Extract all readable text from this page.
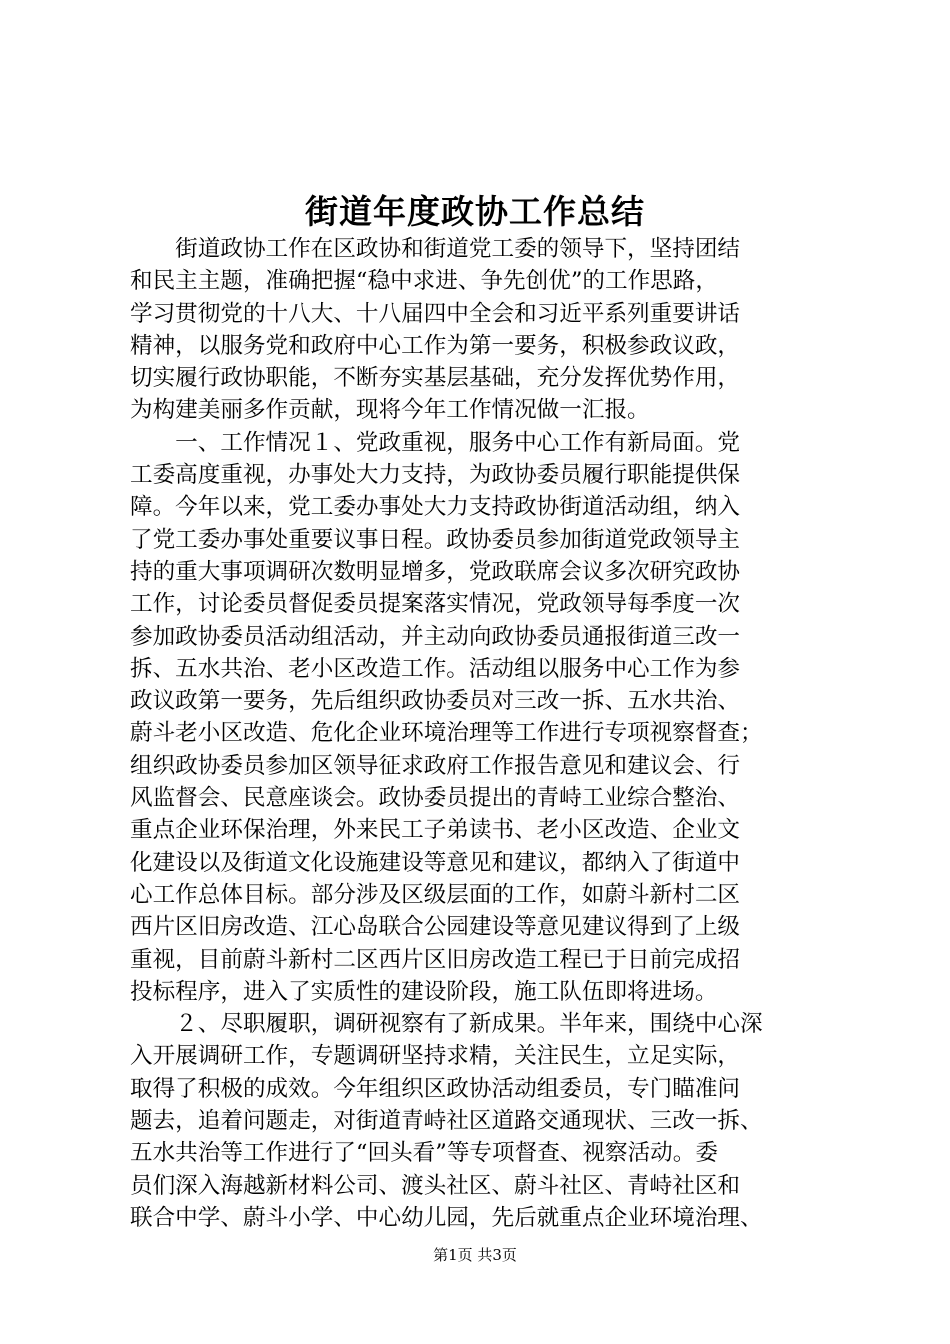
街道年度政协工作总结
　　街道政协工作在区政协和街道党工委的领导下，坚持团结
和民主主题，准确把握“稳中求进、争先创优”的工作思路，
学习贯彻党的十八大、十八届四中全会和习近平系列重要讲话
精神，以服务党和政府中心工作为第一要务，积极参政议政，
切实履行政协职能，不断夯实基层基础，充分发挥优势作用，
为构建美丽多作贡献，现将今年工作情况做一汇报。
　　一、工作情况１、党政重视，服务中心工作有新局面。党
工委高度重视，办事处大力支持，为政协委员履行职能提供保
障。今年以来，党工委办事处大力支持政协街道活动组，纳入
了党工委办事处重要议事日程。政协委员参加街道党政领导主
持的重大事项调研次数明显增多，党政联席会议多次研究政协
工作，讨论委员督促委员提案落实情况，党政领导每季度一次
参加政协委员活动组活动，并主动向政协委员通报街道三改一
拆、五水共治、老小区改造工作。活动组以服务中心工作为参
政议政第一要务，先后组织政协委员对三改一拆、五水共治、
蔚斗老小区改造、危化企业环境治理等工作进行专项视察督查；
组织政协委员参加区领导征求政府工作报告意见和建议会、行
风监督会、民意座谈会。政协委员提出的青峙工业综合整治、
重点企业环保治理，外来民工子弟读书、老小区改造、企业文
化建设以及街道文化设施建设等意见和建议，都纳入了街道中
心工作总体目标。部分涉及区级层面的工作，如蔚斗新村二区
西片区旧房改造、江心岛联合公园建设等意见建议得到了上级
重视，目前蔚斗新村二区西片区旧房改造工程已于日前完成招
投标程序，进入了实质性的建设阶段，施工队伍即将进场。
　　２、尽职履职，调研视察有了新成果。半年来，围绕中心深
入开展调研工作，专题调研坚持求精，关注民生，立足实际，
取得了积极的成效。今年组织区政协活动组委员，专门瞄准问
题去，追着问题走，对街道青峙社区道路交通现状、三改一拆、
五水共治等工作进行了“回头看”等专项督查、视察活动。委
员们深入海越新材料公司、渡头社区、蔚斗社区、青峙社区和
联合中学、蔚斗小学、中心幼儿园，先后就重点企业环境治理、
第1页 共3页
